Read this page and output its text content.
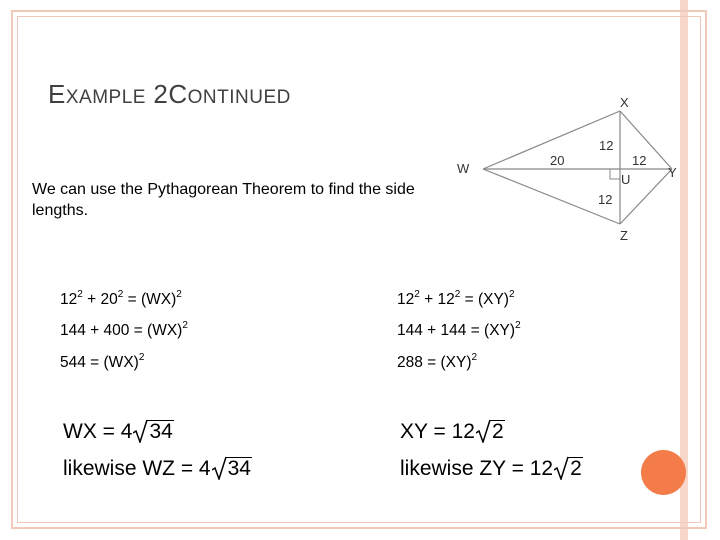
EXAMPLE 2CONTINUED
We can use the Pythagorean Theorem to find the side lengths.
X
W
U	Y
Z
20
12
12
12
$12^2 + 20^2 = (WX)^2$
144 + 400 = (WX)$^2$
544 = (WX)$^2$
$12^2 + 12^2 = (XY)^2$
144 + 144 = (XY)$^2$
288 = (XY)$^2$
WX = 4 34
likewise WZ = 4 34
XY = 12 2
likewise ZY = 12 2
